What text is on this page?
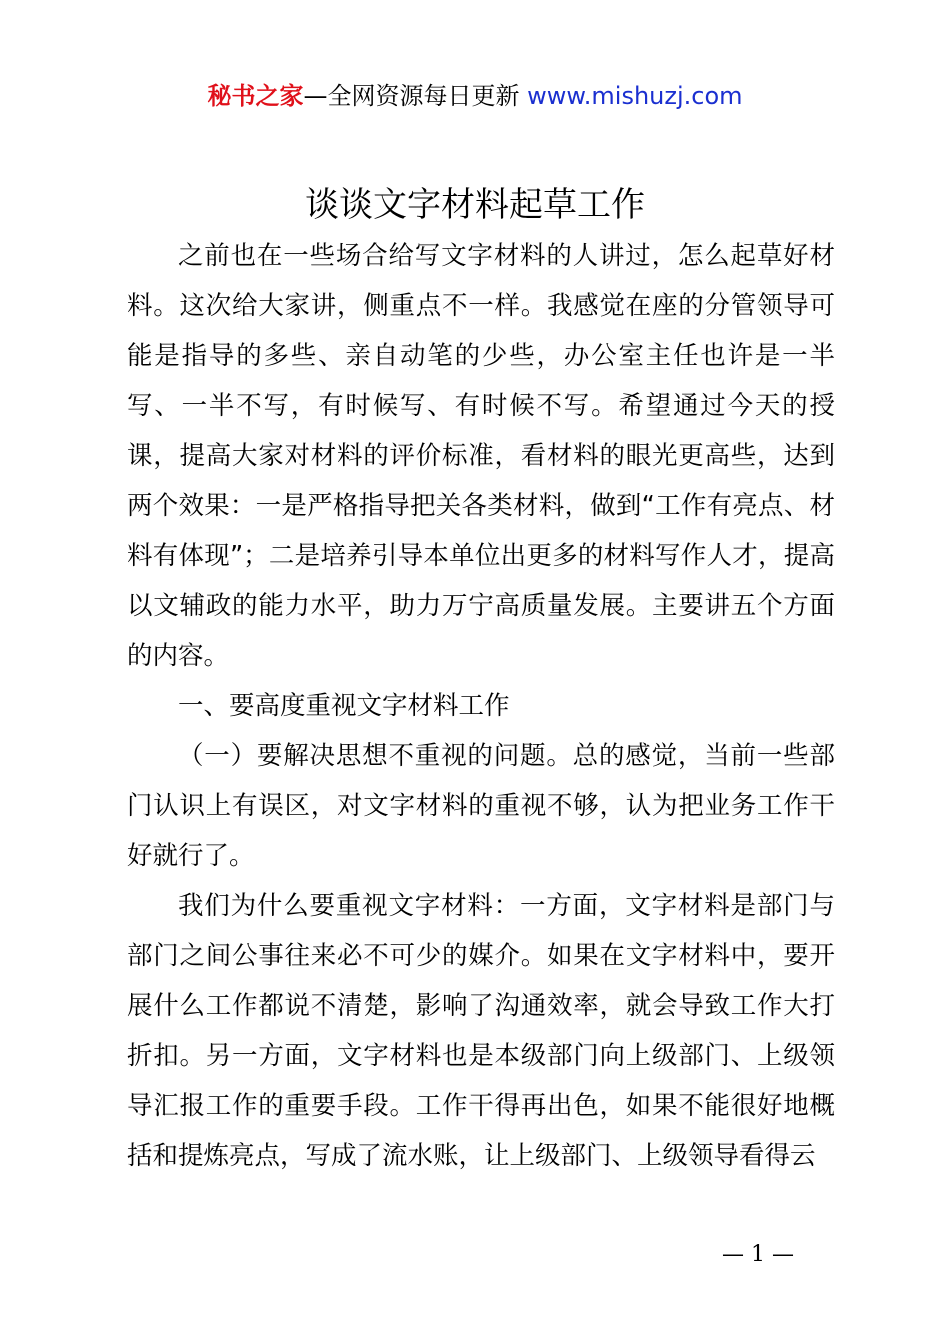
秘书之家—全网资源每日更新 www.mishuzj.com
谈谈文字材料起草工作

之前也在一些场合给写文字材料的人讲过，怎么起草好材料。这次给大家讲，侧重点不一样。我感觉在座的分管领导可能是指导的多些、亲自动笔的少些，办公室主任也许是一半写、一半不写，有时候写、有时候不写。希望通过今天的授课，提高大家对材料的评价标准，看材料的眼光更高些，达到两个效果：一是严格指导把关各类材料，做到“工作有亮点、材料有体现”；二是培养引导本单位出更多的材料写作人才，提高以文辅政的能力水平，助力万宁高质量发展。主要讲五个方面的内容。

一、要高度重视文字材料工作

（一）要解决思想不重视的问题。总的感觉，当前一些部门认识上有误区，对文字材料的重视不够，认为把业务工作干好就行了。

我们为什么要重视文字材料：一方面，文字材料是部门与部门之间公事往来必不可少的媒介。如果在文字材料中，要开展什么工作都说不清楚，影响了沟通效率，就会导致工作大打折扣。另一方面，文字材料也是本级部门向上级部门、上级领导汇报工作的重要手段。工作干得再出色，如果不能很好地概括和提炼亮点，写成了流水账，让上级部门、上级领导看得云

— 1 —
